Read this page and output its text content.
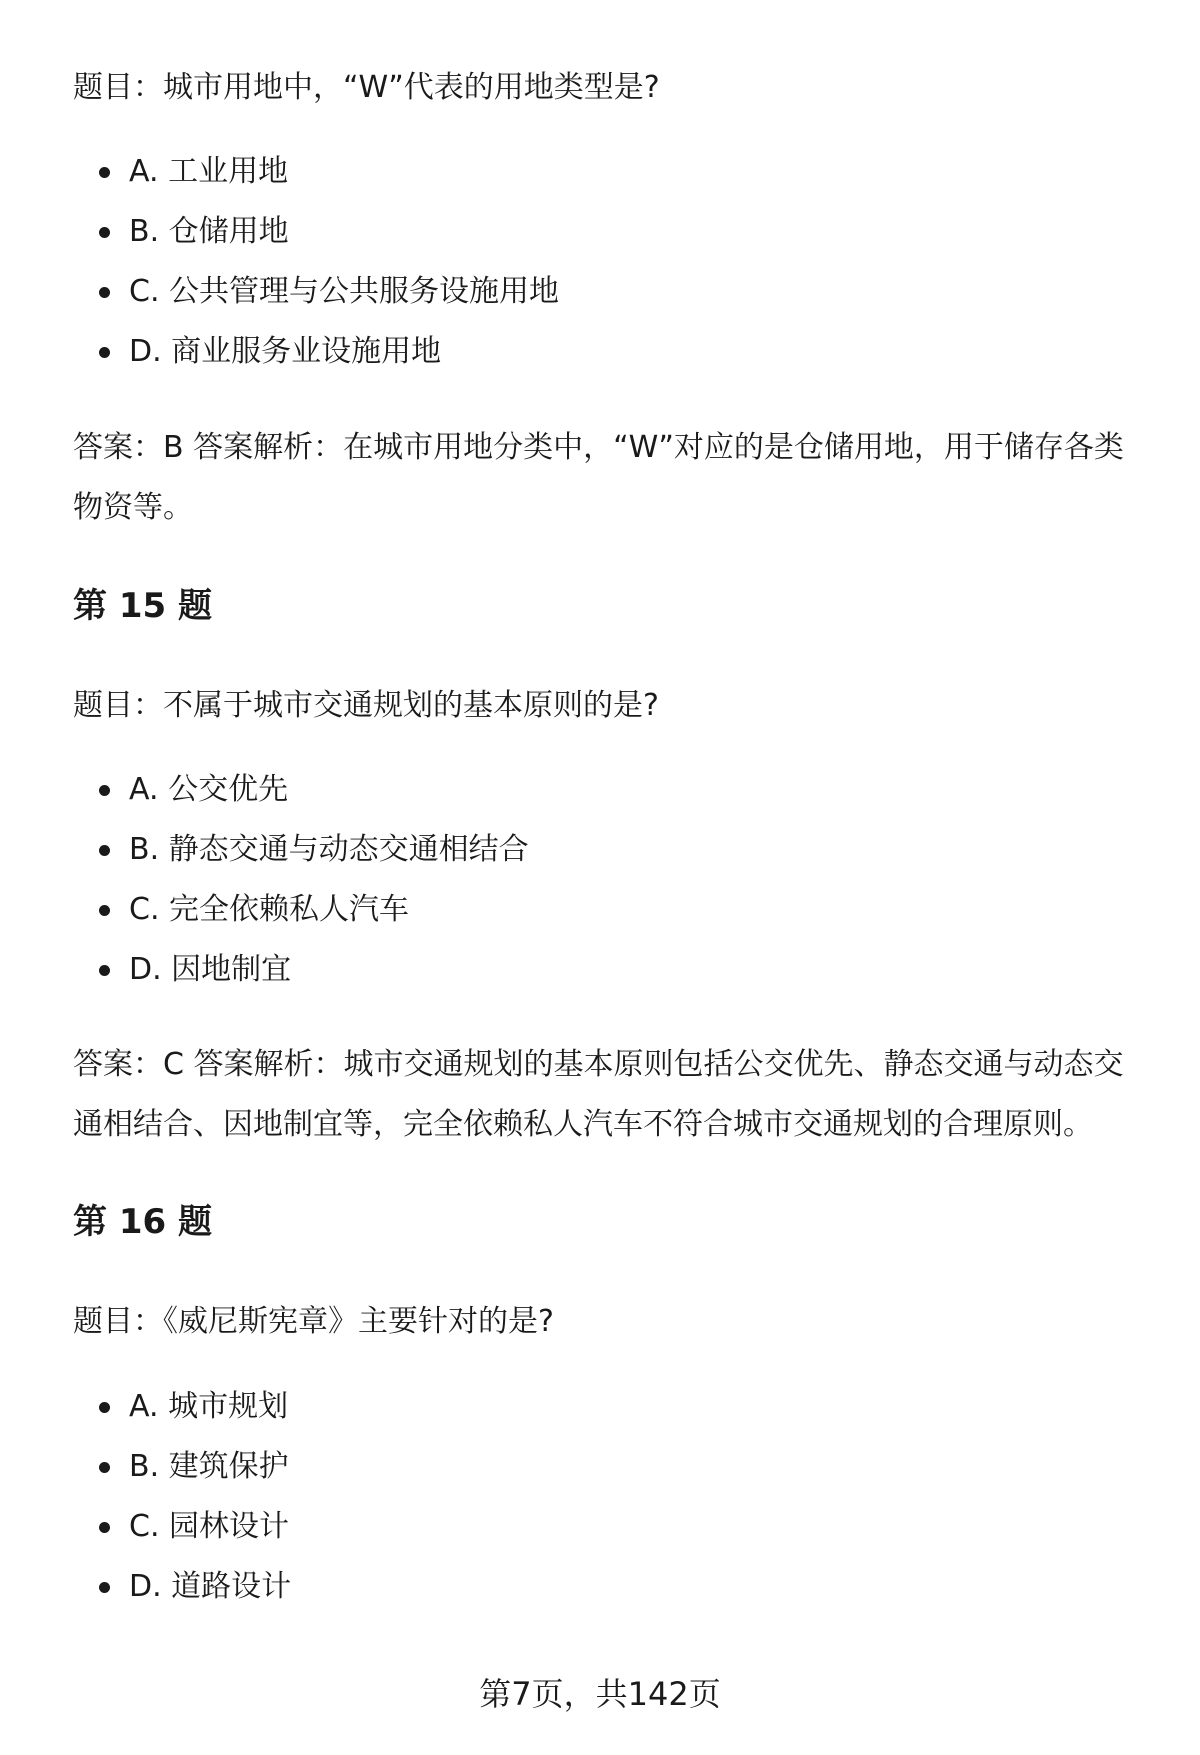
题目：城市用地中，“W”代表的用地类型是?

A. 工业用地
B. 仓储用地
C. 公共管理与公共服务设施用地
D. 商业服务业设施用地

答案：B 答案解析：在城市用地分类中，“W”对应的是仓储用地，用于储存各类物资等。

第 15 题

题目：不属于城市交通规划的基本原则的是?

A. 公交优先
B. 静态交通与动态交通相结合
C. 完全依赖私人汽车
D. 因地制宜

答案：C 答案解析：城市交通规划的基本原则包括公交优先、静态交通与动态交通相结合、因地制宜等，完全依赖私人汽车不符合城市交通规划的合理原则。

第 16 题

题目：《威尼斯宪章》主要针对的是?

A. 城市规划
B. 建筑保护
C. 园林设计
D. 道路设计
第7页，共142页
